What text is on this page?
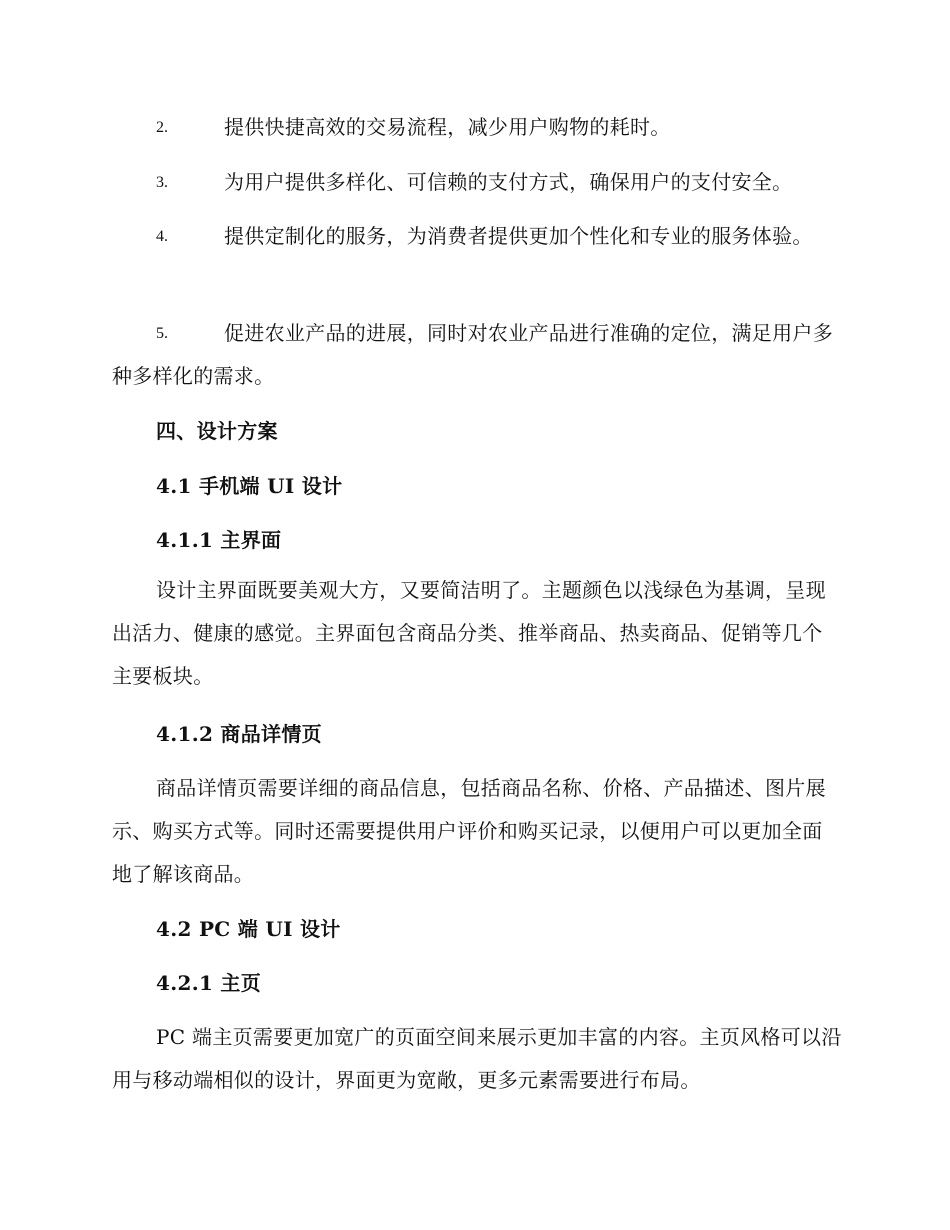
2.	提供快捷高效的交易流程，减少用户购物的耗时。
3.	为用户提供多样化、可信赖的支付方式，确保用户的支付安全。
4.	提供定制化的服务，为消费者提供更加个性化和专业的服务体验。
5.	促进农业产品的进展，同时对农业产品进行准确的定位，满足用户多种多样化的需求。
四、设计方案
4.1 手机端 UI 设计
4.1.1 主界面
设计主界面既要美观大方，又要简洁明了。主题颜色以浅绿色为基调，呈现出活力、健康的感觉。主界面包含商品分类、推举商品、热卖商品、促销等几个主要板块。
4.1.2 商品详情页
商品详情页需要详细的商品信息，包括商品名称、价格、产品描述、图片展示、购买方式等。同时还需要提供用户评价和购买记录，以便用户可以更加全面地了解该商品。
4.2 PC 端 UI 设计
4.2.1 主页
PC 端主页需要更加宽广的页面空间来展示更加丰富的内容。主页风格可以沿用与移动端相似的设计，界面更为宽敞，更多元素需要进行布局。
